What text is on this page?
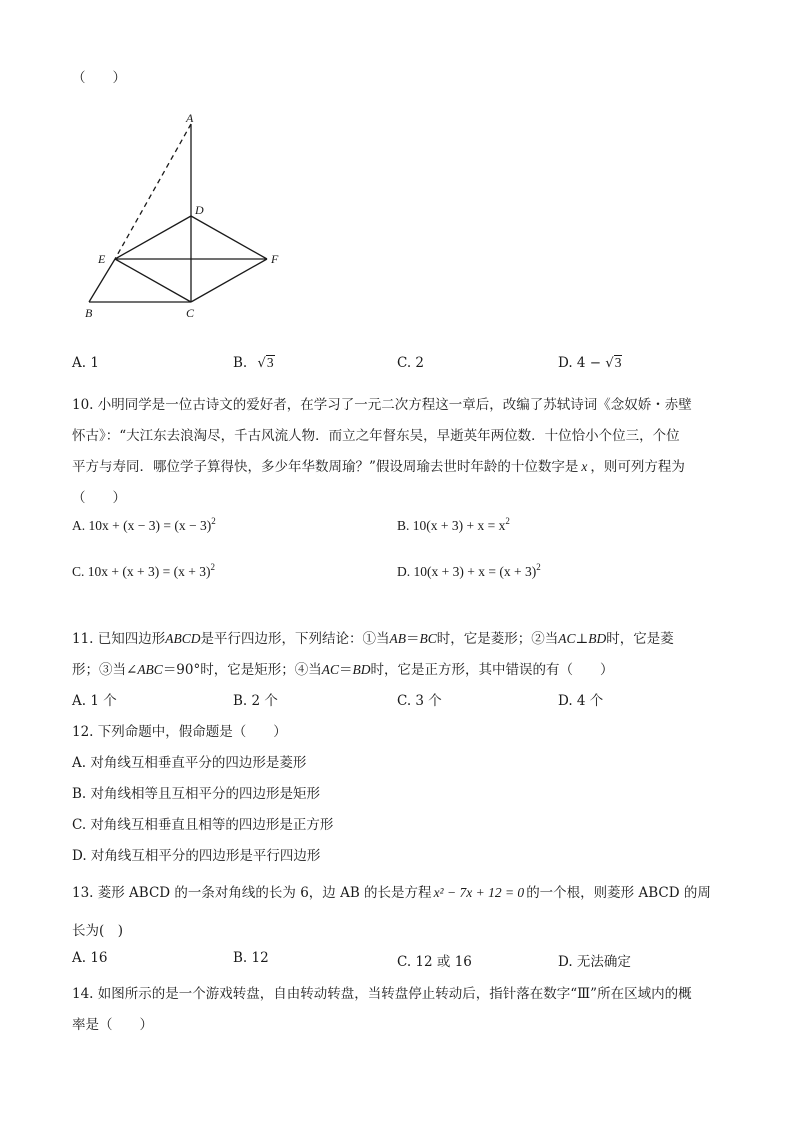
（　　）
A
D
E	F
B	C
A. 1	B. √3	C. 2	D. 4 − √3
10. 小明同学是一位古诗文的爱好者，在学习了一元二次方程这一章后，改编了苏轼诗词《念奴娇・赤壁
怀古》：“大江东去浪淘尽，千古风流人物．而立之年督东吴，早逝英年两位数．十位恰小个位三，个位
平方与寿同．哪位学子算得快，多少年华数周瑜？”假设周瑜去世时年龄的十位数字是 x ，则可列方程为
（　　）
A. $10x + (x - 3) = (x - 3)^2$	B. $10(x + 3) + x = x^2$
C. $10x + (x + 3) = (x + 3)^2$	D. $10(x + 3) + x = (x + 3)^2$
11. 已知四边形ABCD是平行四边形，下列结论：①当AB＝BC时，它是菱形；②当AC⊥BD时，它是菱
形；③当∠ABC＝90°时，它是矩形；④当AC＝BD时，它是正方形，其中错误的有（　　）
A. 1 个	B. 2 个	C. 3 个	D. 4 个
12. 下列命题中，假命题是（　　）
A. 对角线互相垂直平分的四边形是菱形
B. 对角线相等且互相平分的四边形是矩形
C. 对角线互相垂直且相等的四边形是正方形
D. 对角线互相平分的四边形是平行四边形
13. 菱形 ABCD 的一条对角线的长为 6，边 AB 的长是方程 x² − 7x + 12 = 0 的一个根，则菱形 ABCD 的周
长为(　)
A. 16	B. 12	C. 12 或 16	D. 无法确定
14. 如图所示的是一个游戏转盘，自由转动转盘，当转盘停止转动后，指针落在数字“Ⅲ”所在区域内的概
率是（　　）
